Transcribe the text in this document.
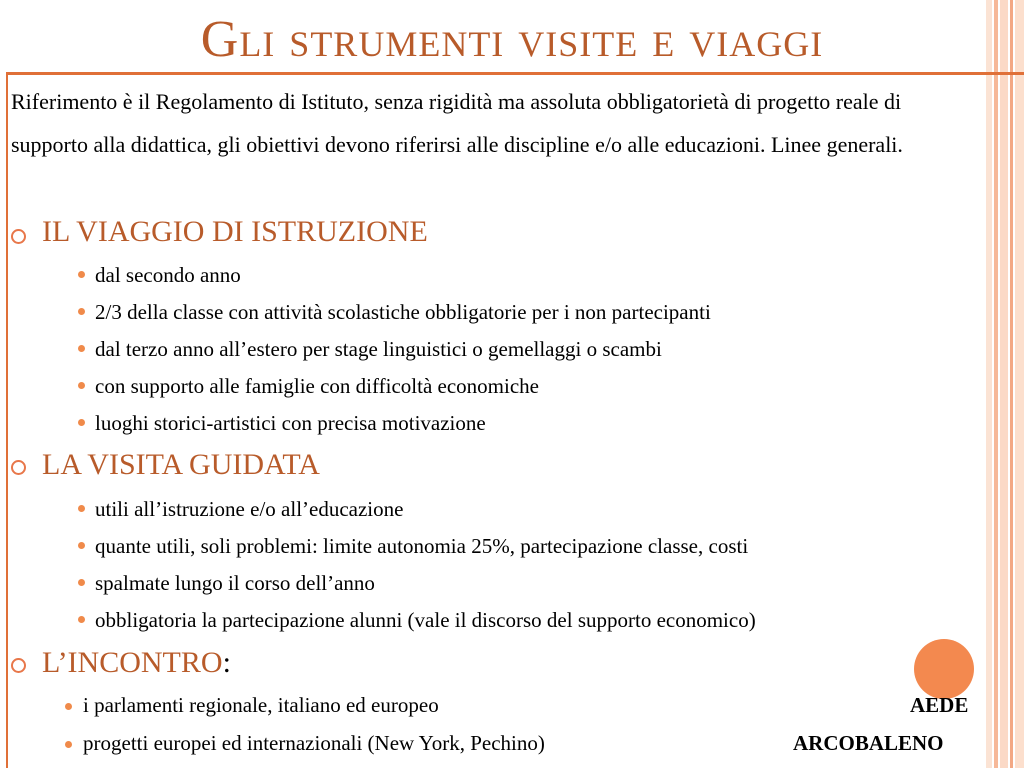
Gli strumenti visite e viaggi
Riferimento è il Regolamento di Istituto, senza rigidità ma assoluta obbligatorietà di progetto reale di supporto alla didattica, gli obiettivi devono riferirsi alle discipline e/o alle educazioni. Linee generali.
IL VIAGGIO DI ISTRUZIONE
dal secondo anno
2/3 della classe con attività scolastiche obbligatorie per i non partecipanti
dal terzo anno all’estero per stage linguistici o gemellaggi o scambi
con supporto alle famiglie con difficoltà economiche
luoghi storici-artistici con precisa motivazione
LA VISITA GUIDATA
utili all’istruzione e/o all’educazione
quante utili, soli problemi: limite autonomia 25%, partecipazione classe, costi
spalmate lungo il corso dell’anno
obbligatoria la partecipazione alunni (vale il discorso del supporto economico)
L’INCONTRO:
i parlamenti regionale, italiano ed europeo	AEDE
progetti europei ed internazionali (New York, Pechino)	ARCOBALENO
